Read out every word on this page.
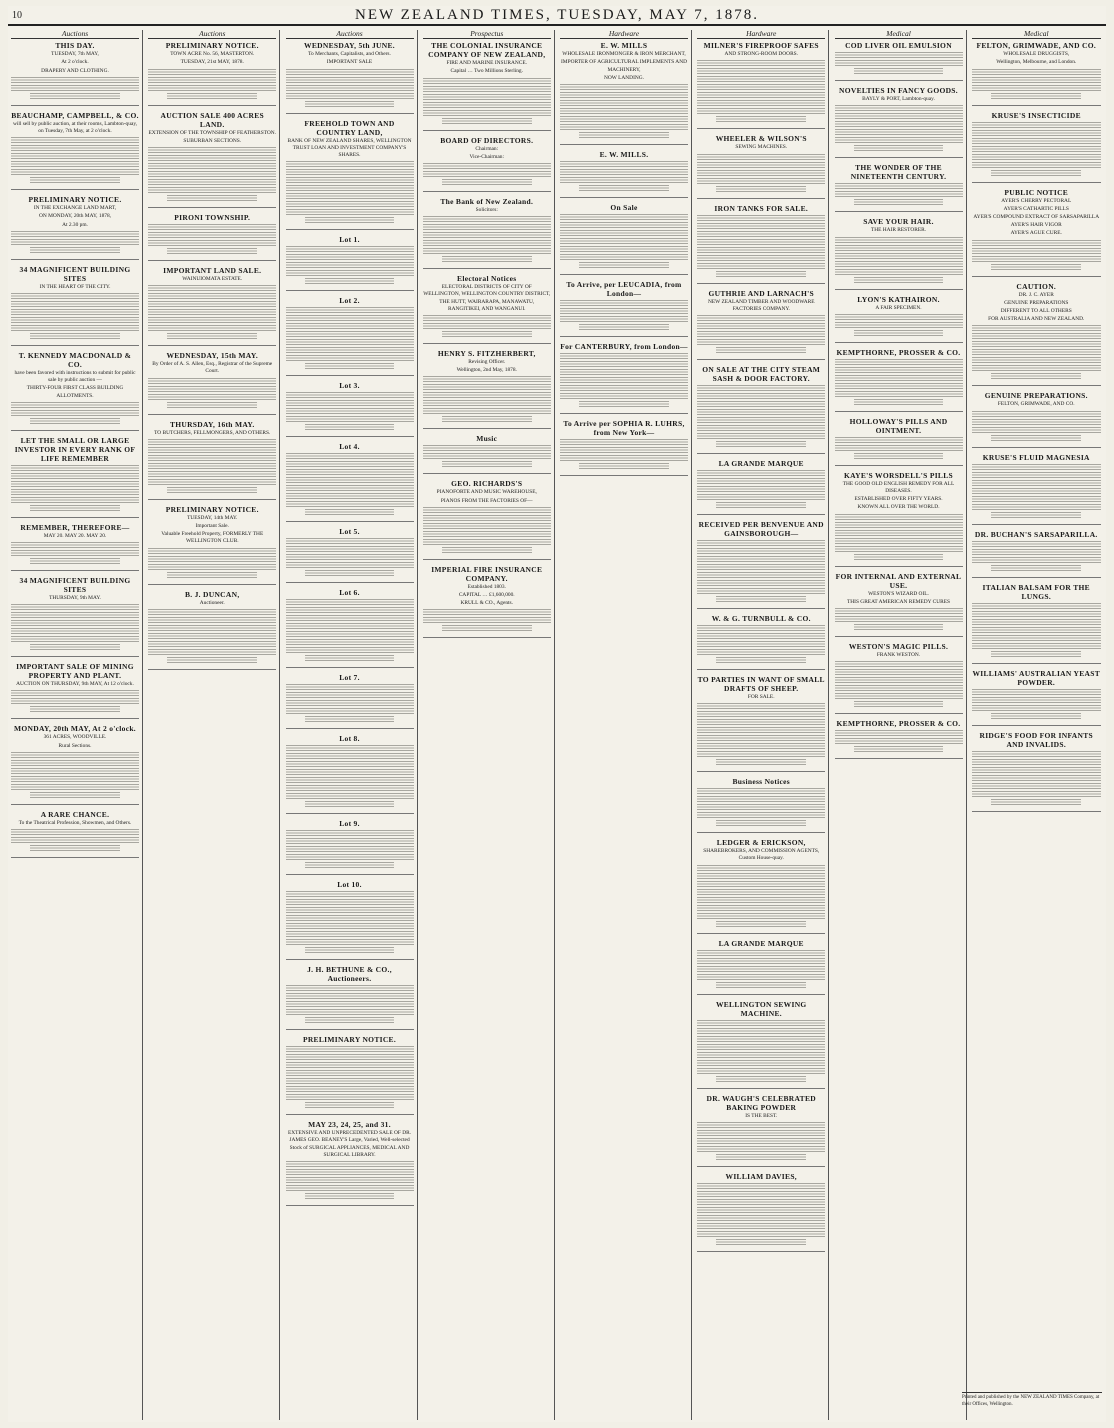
10	NEW ZEALAND TIMES, TUESDAY, MAY 7, 1878.
Auctions
THIS DAY.
TUESDAY, 7th MAY,
At 2 o'clock.
DRAPERY AND CLOTHING.
BEAUCHAMP, CAMPBELL, & CO.
will sell by public auction, at their rooms, Lambton-quay, on Tuesday, 7th May, at 2 o'clock.
PRELIMINARY NOTICE.
IN THE EXCHANGE LAND MART,
ON MONDAY, 20th MAY, 1878,
At 2.30 pm.
34 MAGNIFICENT BUILDING SITES
IN THE HEART OF THE CITY.
T. KENNEDY MACDONALD & CO.
have been favored with instructions to submit for public sale by public auction —
THIRTY-FOUR FIRST CLASS BUILDING ALLOTMENTS.
LET THE SMALL OR LARGE INVESTOR IN EVERY RANK OF LIFE REMEMBER
REMEMBER, THEREFORE—
MAY 20. MAY 20. MAY 20.
34 MAGNIFICENT BUILDING SITES
THURSDAY, 9th MAY.
IMPORTANT SALE OF MINING PROPERTY AND PLANT.
AUCTION ON THURSDAY, 9th MAY, At 12 o'clock.
MONDAY, 20th MAY, At 2 o'clock.
361 ACRES, WOODVILLE.
Rural Sections.
A RARE CHANCE.
To the Theatrical Profession, Showmen, and Others.
Auctions
PRELIMINARY NOTICE.
TOWN ACRE No. 56, MASTERTON.
TUESDAY, 21st MAY, 1878.
AUCTION SALE 400 ACRES LAND.
EXTENSION OF THE TOWNSHIP OF FEATHERSTON.
SUBURBAN SECTIONS.
PIRONI TOWNSHIP.
IMPORTANT LAND SALE.
WAINUIOMATA ESTATE.
WEDNESDAY, 15th MAY.
By Order of A. S. Allen, Esq., Registrar of the Supreme Court.
THURSDAY, 16th MAY.
TO BUTCHERS, FELLMONGERS, AND OTHERS.
PRELIMINARY NOTICE.
TUESDAY, 14th MAY.
Important Sale.
Valuable Freehold Property, FORMERLY THE WELLINGTON CLUB.
B. J. DUNCAN,
Auctioneer.
Auctions
WEDNESDAY, 5th JUNE.
To Merchants, Capitalists, and Others.
IMPORTANT SALE
FREEHOLD TOWN AND COUNTRY LAND,
BANK OF NEW ZEALAND SHARES, WELLINGTON TRUST LOAN AND INVESTMENT COMPANY'S SHARES.
Lot 1.
Lot 2.
Lot 3.
Lot 4.
Lot 5.
Lot 6.
Lot 7.
Lot 8.
Lot 9.
Lot 10.
J. H. BETHUNE & CO., Auctioneers.
PRELIMINARY NOTICE.
MAY 23, 24, 25, and 31.
EXTENSIVE AND UNPRECEDENTED SALE OF DR. JAMES GEO. BEANEY'S Large, Varied, Well-selected Stock of SURGICAL APPLIANCES, MEDICAL AND SURGICAL LIBRARY.
Prospectus
THE COLONIAL INSURANCE COMPANY OF NEW ZEALAND,
FIRE AND MARINE INSURANCE.
Capital … Two Millions Sterling.
BOARD OF DIRECTORS.
Chairman:
Vice-Chairman:
The Bank of New Zealand.
Solicitors:
Electoral Notices
ELECTORAL DISTRICTS OF CITY OF WELLINGTON, WELLINGTON COUNTRY DISTRICT, THE HUTT, WAIRARAPA, MANAWATU, RANGITIKEI, AND WANGANUI.
HENRY S. FITZHERBERT,
Revising Officer.
Wellington, 2nd May, 1878.
Music
GEO. RICHARDS'S
PIANOFORTE AND MUSIC WAREHOUSE,
PIANOS FROM THE FACTORIES OF—
IMPERIAL FIRE INSURANCE COMPANY.
Established 1803.
CAPITAL … £1,600,000.
KRULL & CO., Agents.
Hardware
E. W. MILLS
WHOLESALE IRONMONGER & IRON MERCHANT,
IMPORTER OF AGRICULTURAL IMPLEMENTS AND MACHINERY,
NOW LANDING.
E. W. MILLS.
On Sale
To Arrive, per LEUCADIA, from London—
For CANTERBURY, from London—
To Arrive per SOPHIA R. LUHRS, from New York—
Hardware
MILNER'S FIREPROOF SAFES
AND STRONG-ROOM DOORS.
WHEELER & WILSON'S
SEWING MACHINES.
IRON TANKS FOR SALE.
GUTHRIE AND LARNACH'S
NEW ZEALAND TIMBER AND WOODWARE FACTORIES COMPANY.
ON SALE AT THE CITY STEAM SASH & DOOR FACTORY.
LA GRANDE MARQUE
RECEIVED PER BENVENUE AND GAINSBOROUGH—
W. & G. TURNBULL & CO.
TO PARTIES IN WANT OF SMALL DRAFTS OF SHEEP.
FOR SALE.
Business Notices
LEDGER & ERICKSON,
SHAREBROKERS, AND COMMISSION AGENTS, Custom House-quay.
LA GRANDE MARQUE
WELLINGTON SEWING MACHINE.
DR. WAUGH'S CELEBRATED BAKING POWDER
IS THE BEST.
WILLIAM DAVIES,
Medical
COD LIVER OIL EMULSION
NOVELTIES IN FANCY GOODS.
BAYLY & PORT, Lambton-quay.
THE WONDER OF THE NINETEENTH CENTURY.
SAVE YOUR HAIR.
THE HAIR RESTORER.
LYON'S KATHAIRON.
A FAIR SPECIMEN.
KEMPTHORNE, PROSSER & CO.
HOLLOWAY'S PILLS AND OINTMENT.
KAYE'S WORSDELL'S PILLS
THE GOOD OLD ENGLISH REMEDY FOR ALL DISEASES.
ESTABLISHED OVER FIFTY YEARS.
KNOWN ALL OVER THE WORLD.
FOR INTERNAL AND EXTERNAL USE.
WESTON'S WIZARD OIL.
THIS GREAT AMERICAN REMEDY CURES
WESTON'S MAGIC PILLS.
FRANK WESTON.
KEMPTHORNE, PROSSER & CO.
Medical
FELTON, GRIMWADE, AND CO.
WHOLESALE DRUGGISTS,
Wellington, Melbourne, and London.
KRUSE'S INSECTICIDE
PUBLIC NOTICE
AYER'S CHERRY PECTORAL
AYER'S CATHARTIC PILLS
AYER'S COMPOUND EXTRACT OF SARSAPARILLA
AYER'S HAIR VIGOR
AYER'S AGUE CURE.
CAUTION.
DR. J. C. AYER
GENUINE PREPARATIONS
DIFFERENT TO ALL OTHERS
FOR AUSTRALIA AND NEW ZEALAND.
GENUINE PREPARATIONS.
FELTON, GRIMWADE, AND CO.
KRUSE'S FLUID MAGNESIA
DR. BUCHAN'S SARSAPARILLA.
ITALIAN BALSAM FOR THE LUNGS.
WILLIAMS' AUSTRALIAN YEAST POWDER.
RIDGE'S FOOD FOR INFANTS AND INVALIDS.
Printed and published by the NEW ZEALAND TIMES Company, at their Offices, Wellington.
